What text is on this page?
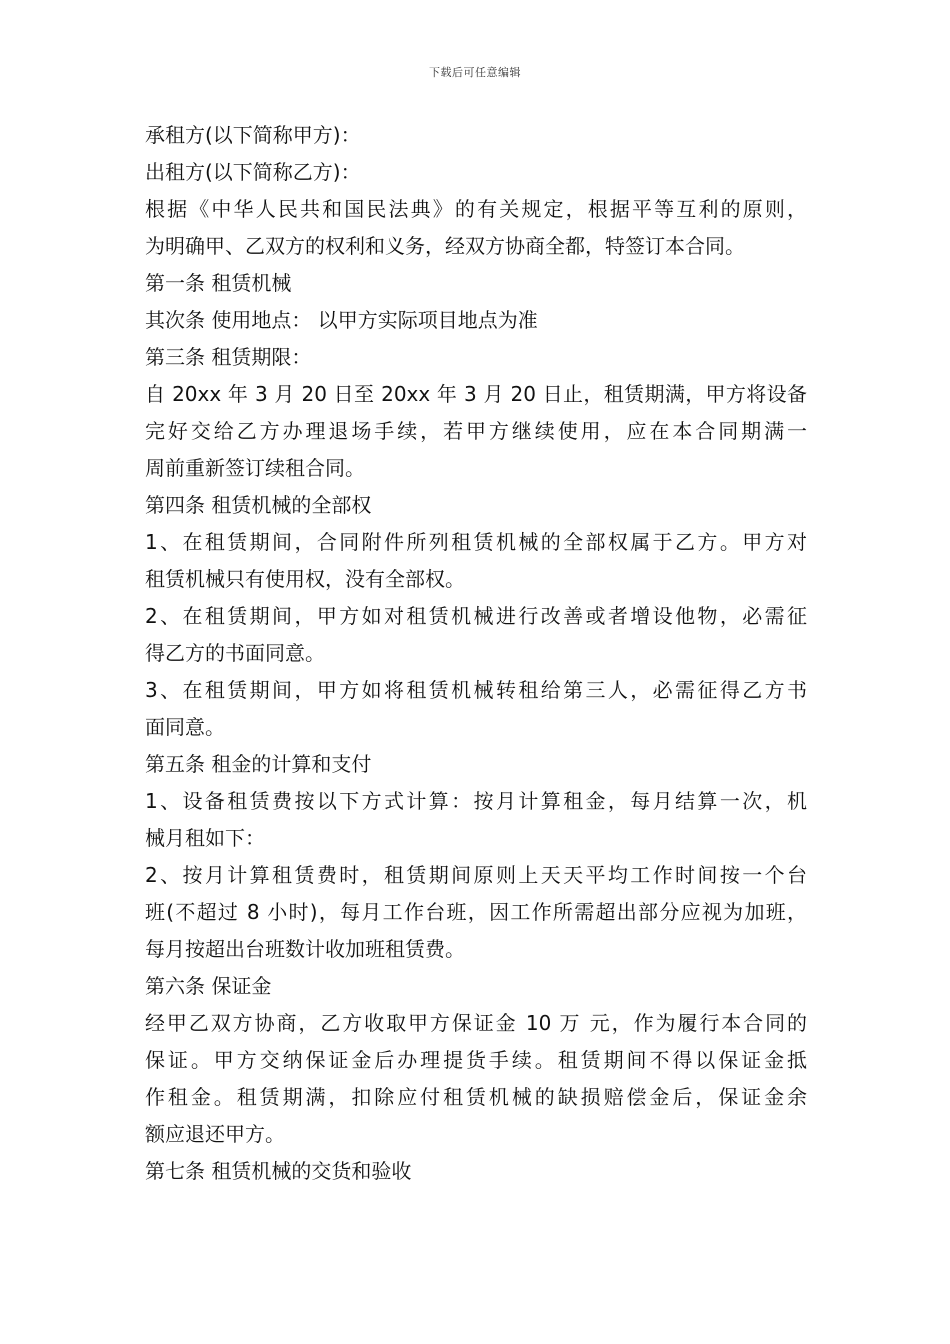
下载后可任意编辑
承租方(以下简称甲方)：
出租方(以下简称乙方)：
根据《中华人民共和国民法典》的有关规定，根据平等互利的原则，
为明确甲、乙双方的权利和义务，经双方协商全都，特签订本合同。
第一条 租赁机械
其次条 使用地点： 以甲方实际项目地点为准
第三条 租赁期限：
自 20xx 年 3 月 20 日至 20xx 年 3 月 20 日止，租赁期满，甲方将设备
完好交给乙方办理退场手续，若甲方继续使用，应在本合同期满一
周前重新签订续租合同。
第四条 租赁机械的全部权
1、在租赁期间，合同附件所列租赁机械的全部权属于乙方。甲方对
租赁机械只有使用权，没有全部权。
2、在租赁期间，甲方如对租赁机械进行改善或者增设他物，必需征
得乙方的书面同意。
3、在租赁期间，甲方如将租赁机械转租给第三人，必需征得乙方书
面同意。
第五条 租金的计算和支付
1、设备租赁费按以下方式计算：按月计算租金，每月结算一次，机
械月租如下：
2、按月计算租赁费时，租赁期间原则上天天平均工作时间按一个台
班(不超过 8 小时)，每月工作台班，因工作所需超出部分应视为加班，
每月按超出台班数计收加班租赁费。
第六条 保证金
经甲乙双方协商，乙方收取甲方保证金 10 万 元，作为履行本合同的
保证。甲方交纳保证金后办理提货手续。租赁期间不得以保证金抵
作租金。租赁期满，扣除应付租赁机械的缺损赔偿金后，保证金余
额应退还甲方。
第七条 租赁机械的交货和验收
